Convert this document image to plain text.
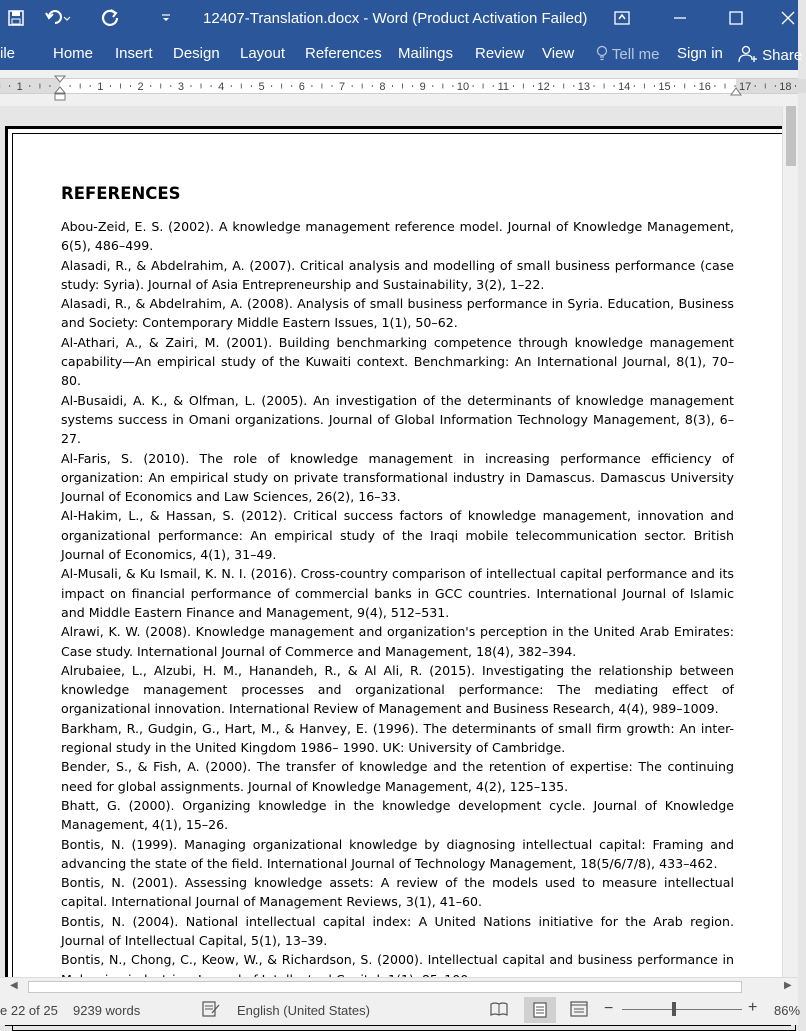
12407-Translation.docx - Word (Product Activation Failed)
ile	Home Insert Design Layout References Mailings Review View	Tell me Sign in	Share
1	1	2	3	4	5	6	7	8	9	10	11	12	13	14	15	16	17	18
REFERENCES
Abou-Zeid, E. S. (2002). A knowledge management reference model. Journal of Knowledge Management, 6(5), 486–499.
Alasadi, R., & Abdelrahim, A. (2007). Critical analysis and modelling of small business performance (case study: Syria). Journal of Asia Entrepreneurship and Sustainability, 3(2), 1–22.
Alasadi, R., & Abdelrahim, A. (2008). Analysis of small business performance in Syria. Education, Business and Society: Contemporary Middle Eastern Issues, 1(1), 50–62.
Al-Athari, A., & Zairi, M. (2001). Building benchmarking competence through knowledge management capability—An empirical study of the Kuwaiti context. Benchmarking: An International Journal, 8(1), 70–80.
Al-Busaidi, A. K., & Olfman, L. (2005). An investigation of the determinants of knowledge management systems success in Omani organizations. Journal of Global Information Technology Management, 8(3), 6–27.
Al-Faris, S. (2010). The role of knowledge management in increasing performance efficiency of organization: An empirical study on private transformational industry in Damascus. Damascus University Journal of Economics and Law Sciences, 26(2), 16–33.
Al-Hakim, L., & Hassan, S. (2012). Critical success factors of knowledge management, innovation and organizational performance: An empirical study of the Iraqi mobile telecommunication sector. British Journal of Economics, 4(1), 31–49.
Al-Musali, & Ku Ismail, K. N. I. (2016). Cross-country comparison of intellectual capital performance and its impact on financial performance of commercial banks in GCC countries. International Journal of Islamic and Middle Eastern Finance and Management, 9(4), 512–531.
Alrawi, K. W. (2008). Knowledge management and organization's perception in the United Arab Emirates: Case study. International Journal of Commerce and Management, 18(4), 382–394.
Alrubaiee, L., Alzubi, H. M., Hanandeh, R., & Al Ali, R. (2015). Investigating the relationship between knowledge management processes and organizational performance: The mediating effect of organizational innovation. International Review of Management and Business Research, 4(4), 989–1009.
Barkham, R., Gudgin, G., Hart, M., & Hanvey, E. (1996). The determinants of small firm growth: An inter-regional study in the United Kingdom 1986– 1990. UK: University of Cambridge.
Bender, S., & Fish, A. (2000). The transfer of knowledge and the retention of expertise: The continuing need for global assignments. Journal of Knowledge Management, 4(2), 125–135.
Bhatt, G. (2000). Organizing knowledge in the knowledge development cycle. Journal of Knowledge Management, 4(1), 15–26.
Bontis, N. (1999). Managing organizational knowledge by diagnosing intellectual capital: Framing and advancing the state of the field. International Journal of Technology Management, 18(5/6/7/8), 433–462.
Bontis, N. (2001). Assessing knowledge assets: A review of the models used to measure intellectual capital. International Journal of Management Reviews, 3(1), 41–60.
Bontis, N. (2004). National intellectual capital index: A United Nations initiative for the Arab region. Journal of Intellectual Capital, 5(1), 13–39.
Bontis, N., Chong, C., Keow, W., & Richardson, S. (2000). Intellectual capital and business performance in
◀	▶
e 22 of 25 9239 words	English (United States)	−	+ 86%
